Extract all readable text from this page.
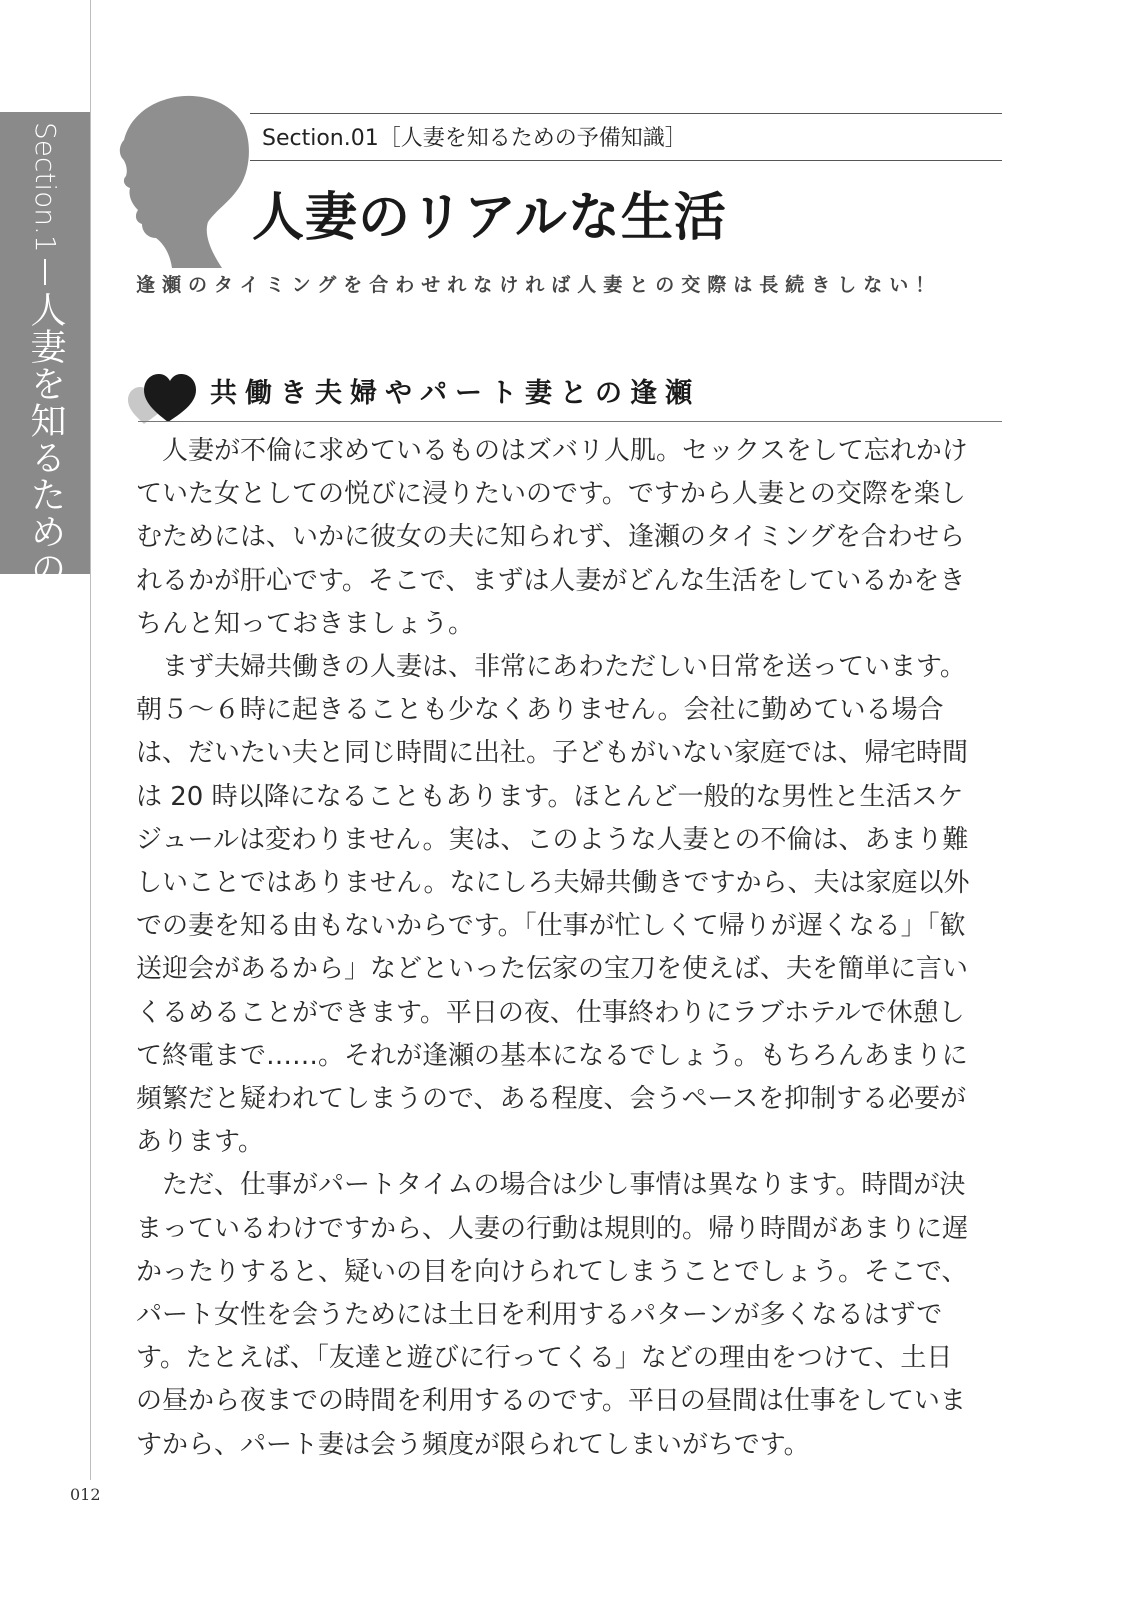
Section.1人妻を知るための予備知識
Section.01［人妻を知るための予備知識］
人妻のリアルな生活
逢瀬のタイミングを合わせれなければ人妻との交際は長続きしない！
共働き夫婦やパート妻との逢瀬

人妻が不倫に求めているものはズバリ人肌。セックスをして忘れかけ
ていた女としての悦びに浸りたいのです。ですから人妻との交際を楽し
むためには、いかに彼女の夫に知られず、逢瀬のタイミングを合わせら
れるかが肝心です。そこで、まずは人妻がどんな生活をしているかをき
ちんと知っておきましょう。

まず夫婦共働きの人妻は、非常にあわただしい日常を送っています。
朝５～６時に起きることも少なくありません。会社に勤めている場合
は、だいたい夫と同じ時間に出社。子どもがいない家庭では、帰宅時間
は 20 時以降になることもあります。ほとんど一般的な男性と生活スケ
ジュールは変わりません。実は、このような人妻との不倫は、あまり難
しいことではありません。なにしろ夫婦共働きですから、夫は家庭以外
での妻を知る由もないからです。「仕事が忙しくて帰りが遅くなる」「歓
送迎会があるから」などといった伝家の宝刀を使えば、夫を簡単に言い
くるめることができます。平日の夜、仕事終わりにラブホテルで休憩し
て終電まで……。それが逢瀬の基本になるでしょう。もちろんあまりに
頻繁だと疑われてしまうので、ある程度、会うペースを抑制する必要が
あります。

ただ、仕事がパートタイムの場合は少し事情は異なります。時間が決
まっているわけですから、人妻の行動は規則的。帰り時間があまりに遅
かったりすると、疑いの目を向けられてしまうことでしょう。そこで、
パート女性を会うためには土日を利用するパターンが多くなるはずで
す。たとえば、「友達と遊びに行ってくる」などの理由をつけて、土日
の昼から夜までの時間を利用するのです。平日の昼間は仕事をしていま
すから、パート妻は会う頻度が限られてしまいがちです。

012
